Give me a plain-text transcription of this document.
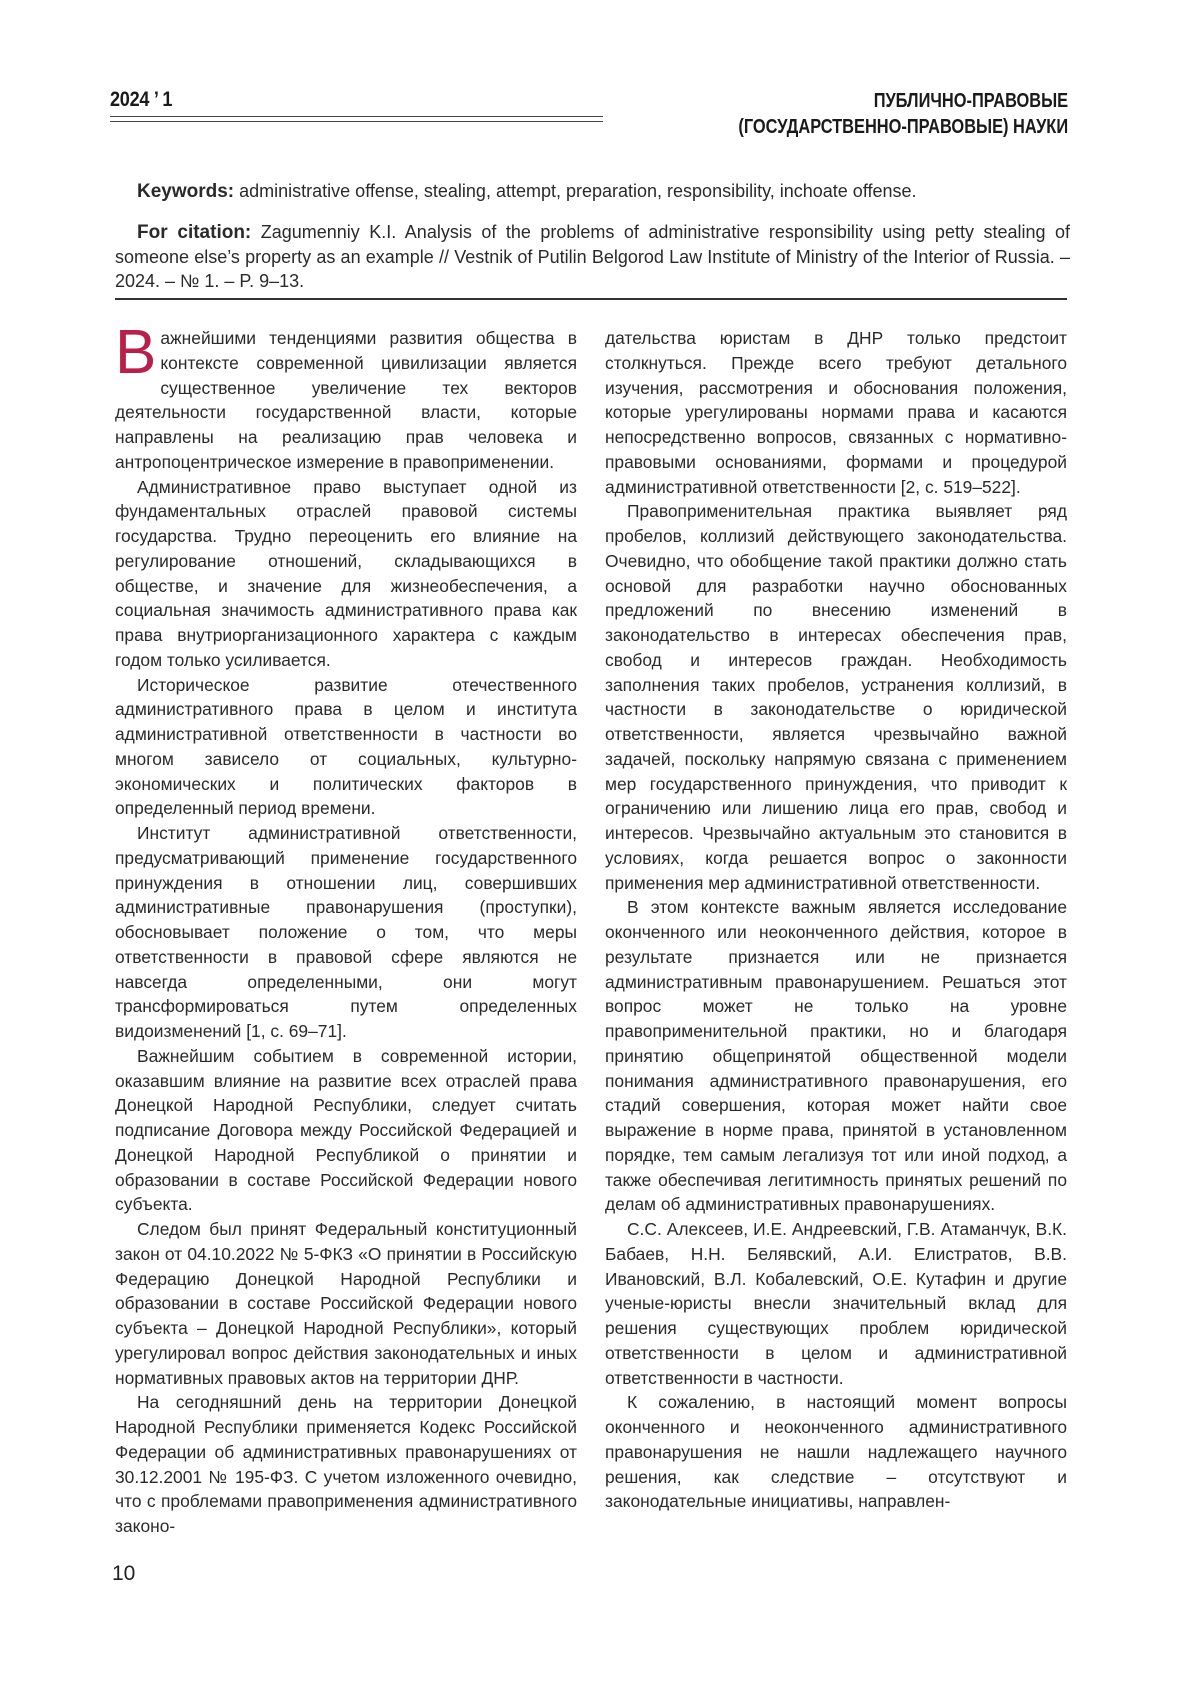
2024 ’ 1	ПУБЛИЧНО-ПРАВОВЫЕ
(ГОСУДАРСТВЕННО-ПРАВОВЫЕ) НАУКИ

Keywords: administrative offense, stealing, attempt, preparation, responsibility, inchoate offense.

For citation: Zagumenniy K.I. Analysis of the problems of administrative responsibility using petty stealing of someone else’s property as an example // Vestnik of Putilin Belgorod Law Institute of Ministry of the Interior of Russia. – 2024. – № 1. – P. 9–13.

Важнейшими тенденциями развития общества в контексте современной цивилизации является существенное увеличение тех векторов деятельности государственной власти, которые направлены на реализацию прав человека и антропоцентрическое измерение в правоприменении.

Административное право выступает одной из фундаментальных отраслей правовой системы государства. Трудно переоценить его влияние на регулирование отношений, складывающихся в обществе, и значение для жизнеобеспечения, а социальная значимость административного права как права внутриорганизационного характера с каждым годом только усиливается.

Историческое развитие отечественного административного права в целом и института административной ответственности в частности во многом зависело от социальных, культурно-экономических и политических факторов в определенный период времени.

Институт административной ответственности, предусматривающий применение государственного принуждения в отношении лиц, совершивших административные правонарушения (проступки), обосновывает положение о том, что меры ответственности в правовой сфере являются не навсегда определенными, они могут трансформироваться путем определенных видоизменений [1, с. 69–71].

Важнейшим событием в современной истории, оказавшим влияние на развитие всех отраслей права Донецкой Народной Республики, следует считать подписание Договора между Российской Федерацией и Донецкой Народной Республикой о принятии и образовании в составе Российской Федерации нового субъекта.

Следом был принят Федеральный конституционный закон от 04.10.2022 № 5-ФКЗ «О принятии в Российскую Федерацию Донецкой Народной Республики и образовании в составе Российской Федерации нового субъекта – Донецкой Народной Республики», который урегулировал вопрос действия законодательных и иных нормативных правовых актов на территории ДНР.

На сегодняшний день на территории Донецкой Народной Республики применяется Кодекс Российской Федерации об административных правонарушениях от 30.12.2001 № 195-ФЗ. С учетом изложенного очевидно, что с проблемами правоприменения административного законо-

дательства юристам в ДНР только предстоит столкнуться. Прежде всего требуют детального изучения, рассмотрения и обоснования положения, которые урегулированы нормами права и касаются непосредственно вопросов, связанных с нормативно-правовыми основаниями, формами и процедурой административной ответственности [2, с. 519–522].

Правоприменительная практика выявляет ряд пробелов, коллизий действующего законодательства. Очевидно, что обобщение такой практики должно стать основой для разработки научно обоснованных предложений по внесению изменений в законодательство в интересах обеспечения прав, свобод и интересов граждан. Необходимость заполнения таких пробелов, устранения коллизий, в частности в законодательстве о юридической ответственности, является чрезвычайно важной задачей, поскольку напрямую связана с применением мер государственного принуждения, что приводит к ограничению или лишению лица его прав, свобод и интересов. Чрезвычайно актуальным это становится в условиях, когда решается вопрос о законности применения мер административной ответственности.

В этом контексте важным является исследование оконченного или неоконченного действия, которое в результате признается или не признается административным правонарушением. Решаться этот вопрос может не только на уровне правоприменительной практики, но и благодаря принятию общепринятой общественной модели понимания административного правонарушения, его стадий совершения, которая может найти свое выражение в норме права, принятой в установленном порядке, тем самым легализуя тот или иной подход, а также обеспечивая легитимность принятых решений по делам об административных правонарушениях.

С.С. Алексеев, И.Е. Андреевский, Г.В. Атаманчук, В.К. Бабаев, Н.Н. Белявский, А.И. Елистратов, В.В. Ивановский, В.Л. Кобалевский, О.Е. Кутафин и другие ученые-юристы внесли значительный вклад для решения существующих проблем юридической ответственности в целом и административной ответственности в частности.

К сожалению, в настоящий момент вопросы оконченного и неоконченного административного правонарушения не нашли надлежащего научного решения, как следствие – отсутствуют и законодательные инициативы, направлен-

10
